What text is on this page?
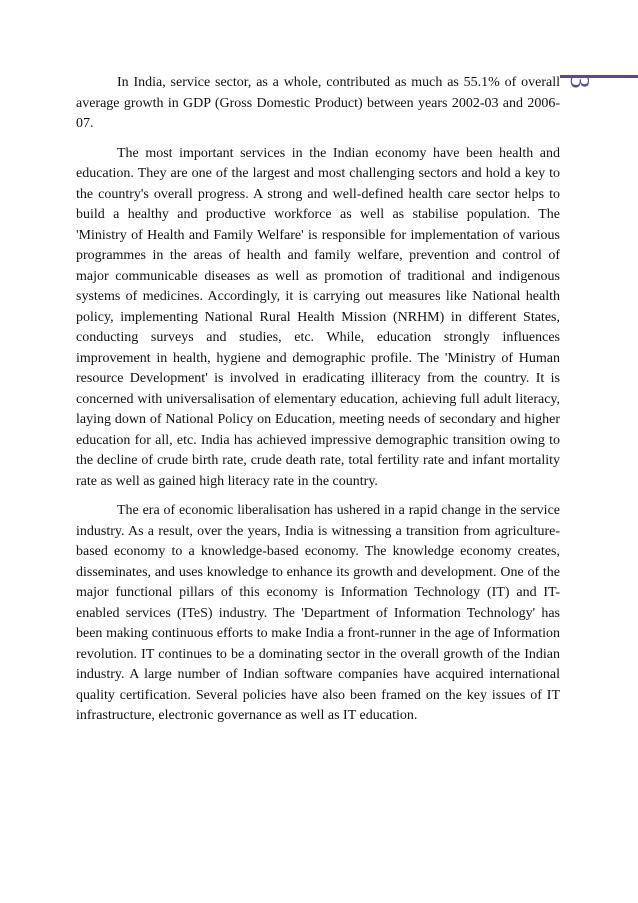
3

In India, service sector, as a whole, contributed as much as 55.1% of overall average growth in GDP (Gross Domestic Product) between years 2002-03 and 2006-07.

The most important services in the Indian economy have been health and education. They are one of the largest and most challenging sectors and hold a key to the country's overall progress. A strong and well-defined health care sector helps to build a healthy and productive workforce as well as stabilise population. The 'Ministry of Health and Family Welfare' is responsible for implementation of various programmes in the areas of health and family welfare, prevention and control of major communicable diseases as well as promotion of traditional and indigenous systems of medicines. Accordingly, it is carrying out measures like National health policy, implementing National Rural Health Mission (NRHM) in different States, conducting surveys and studies, etc. While, education strongly influences improvement in health, hygiene and demographic profile. The 'Ministry of Human resource Development' is involved in eradicating illiteracy from the country. It is concerned with universalisation of elementary education, achieving full adult literacy, laying down of National Policy on Education, meeting needs of secondary and higher education for all, etc. India has achieved impressive demographic transition owing to the decline of crude birth rate, crude death rate, total fertility rate and infant mortality rate as well as gained high literacy rate in the country.

The era of economic liberalisation has ushered in a rapid change in the service industry. As a result, over the years, India is witnessing a transition from agriculture-based economy to a knowledge-based economy. The knowledge economy creates, disseminates, and uses knowledge to enhance its growth and development. One of the major functional pillars of this economy is Information Technology (IT) and IT-enabled services (ITeS) industry. The 'Department of Information Technology' has been making continuous efforts to make India a front-runner in the age of Information revolution. IT continues to be a dominating sector in the overall growth of the Indian industry. A large number of Indian software companies have acquired international quality certification. Several policies have also been framed on the key issues of IT infrastructure, electronic governance as well as IT education.
